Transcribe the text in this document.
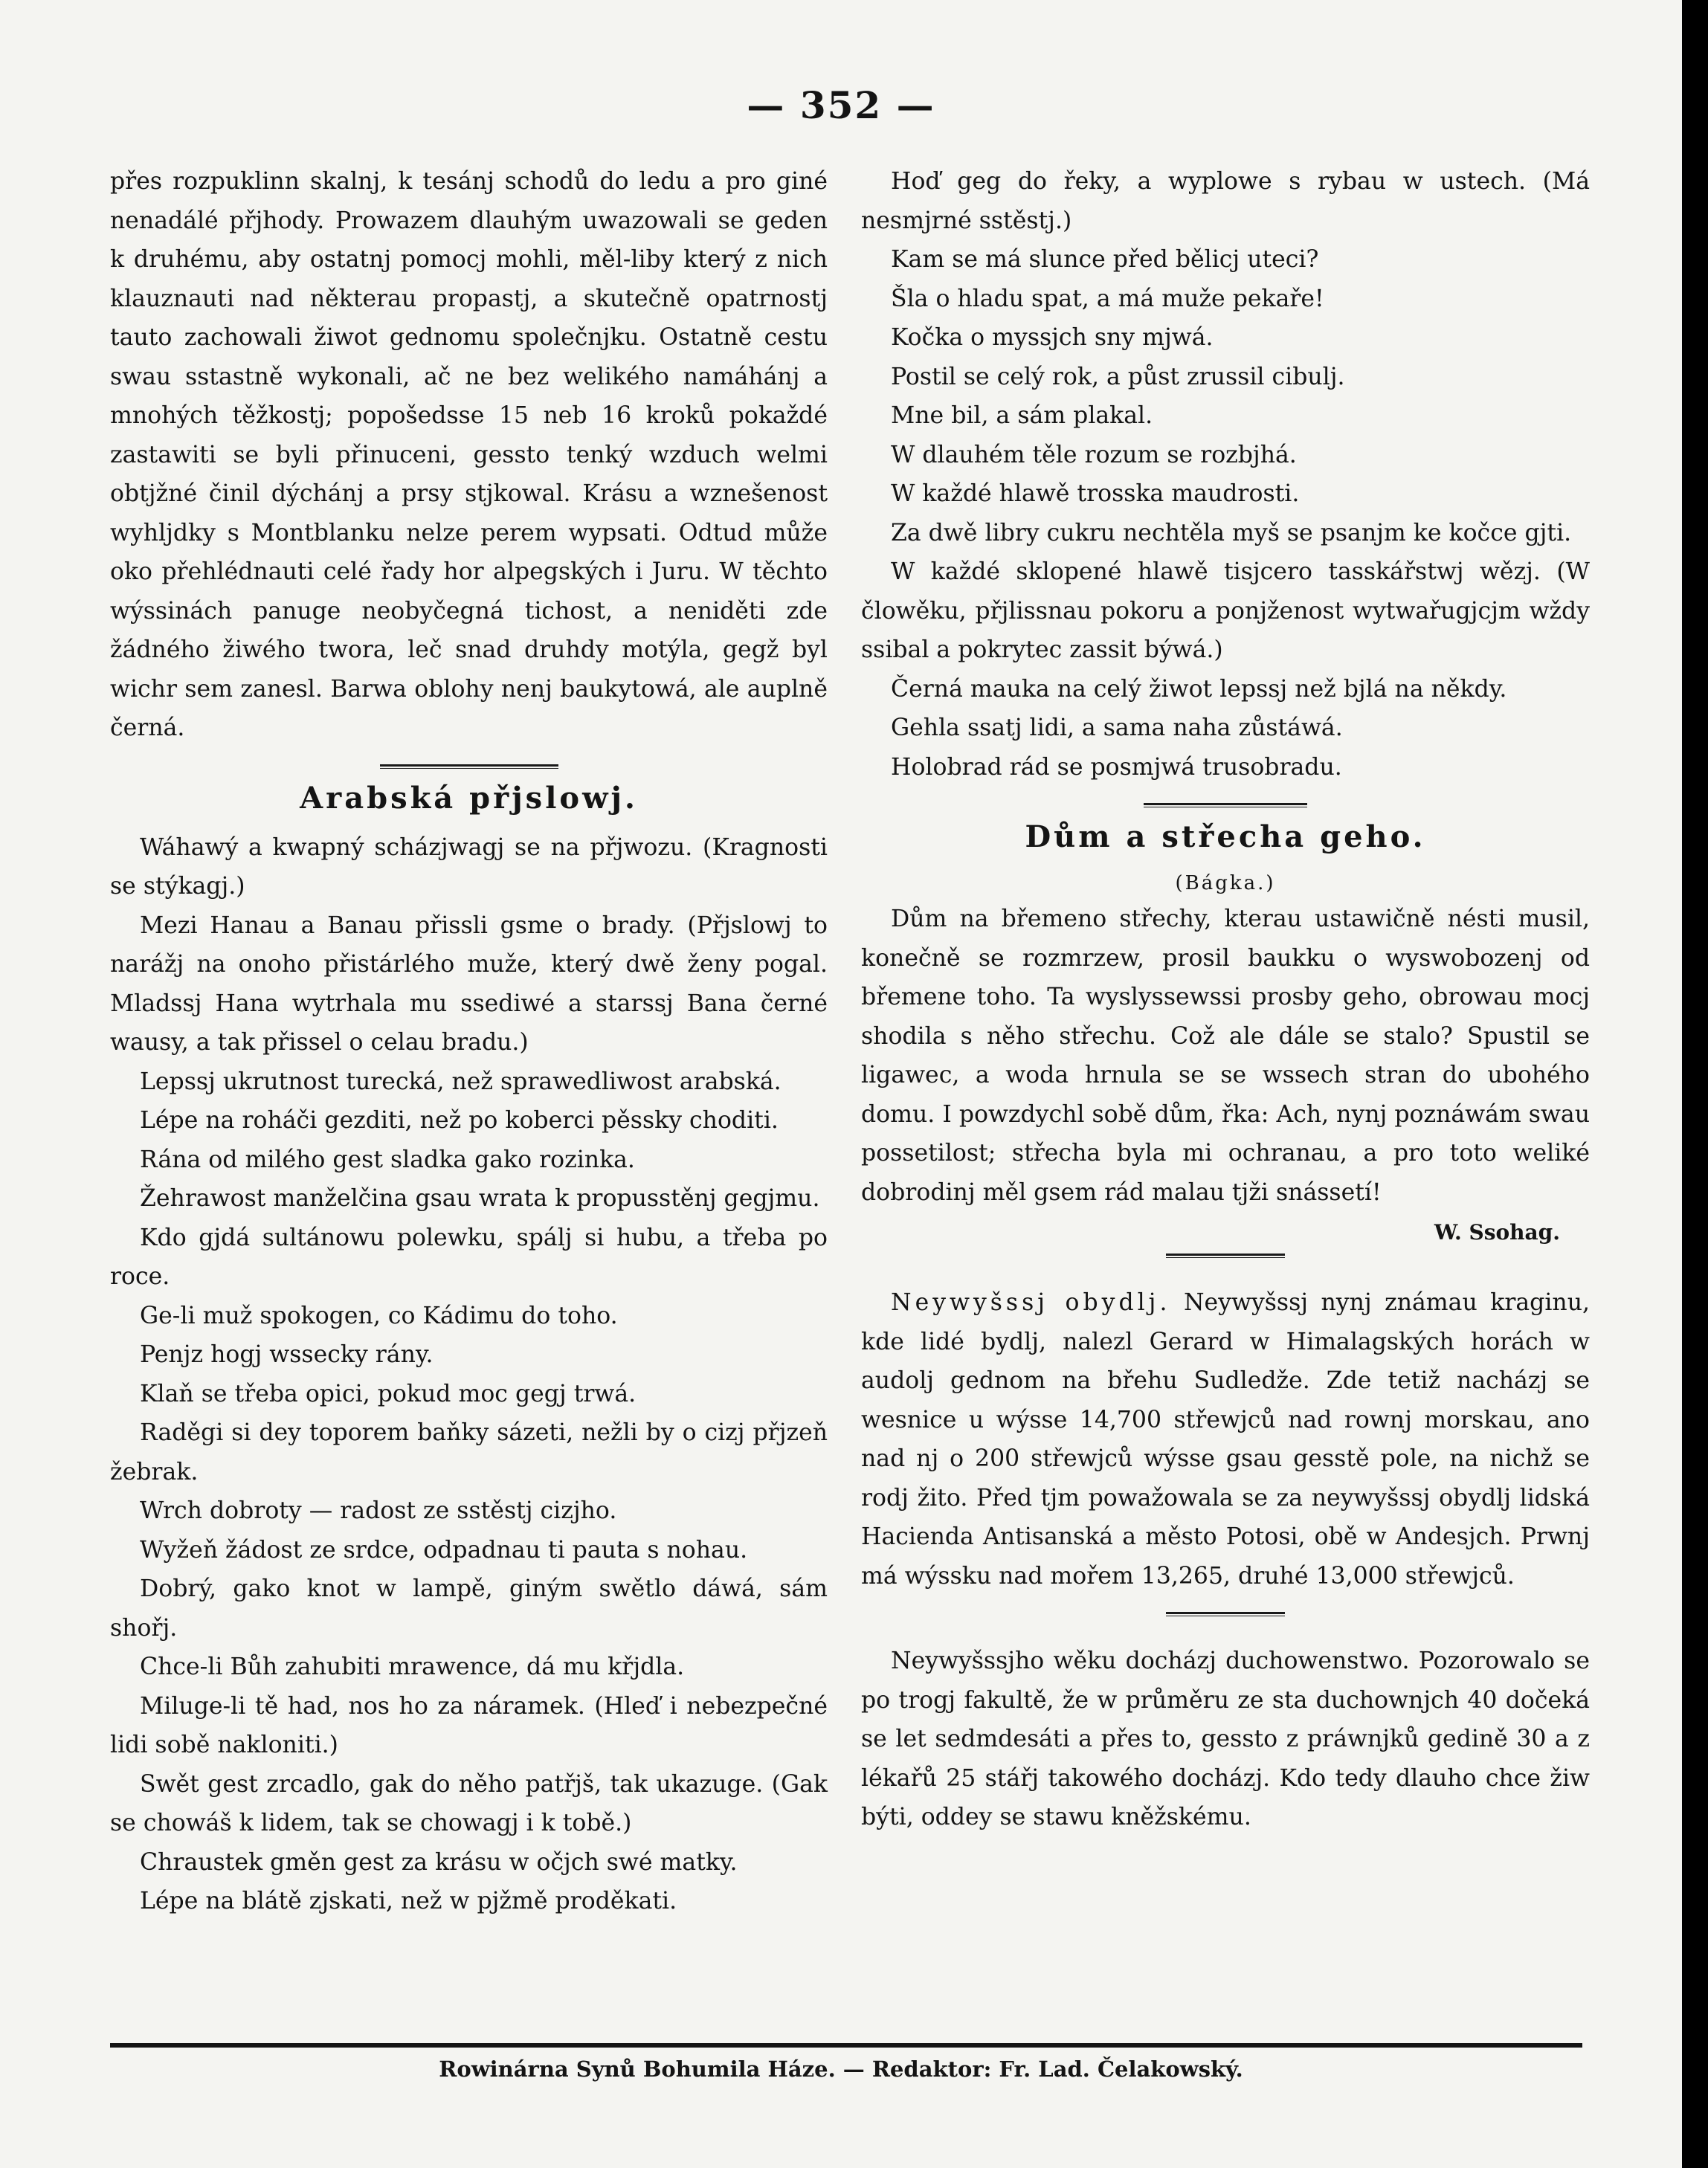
— 352 —

přes rozpuklinn skalnj, k tesánj schodů do ledu a pro giné nenadálé přjhody. Prowazem dlauhým uwazowali se geden k druhému, aby ostatnj pomocj mohli, měl-liby který z nich klauznauti nad některau propastj, a skutečně opatrnostj tauto zachowali žiwot gednomu společnjku. Ostatně cestu swau sstastně wykonali, ač ne bez welikého namáhánj a mnohých těžkostj; popošedsse 15 neb 16 kroků pokaždé zastawiti se byli přinuceni, gessto tenký wzduch welmi obtjžné činil dýchánj a prsy stjkowal. Krásu a wznešenost wyhljdky s Montblanku nelze perem wypsati. Odtud může oko přehlédnauti celé řady hor alpegských i Juru. W těchto wýssinách panuge neobyčegná tichost, a neniděti zde žádného žiwého twora, leč snad druhdy motýla, gegž byl wichr sem zanesl. Barwa oblohy nenj baukytowá, ale auplně černá.

Arabská přjslowj.

Wáhawý a kwapný scházjwagj se na přjwozu. (Kragnosti se stýkagj.)

Mezi Hanau a Banau přissli gsme o brady. (Přjslowj to narážj na onoho přistárlého muže, který dwě ženy pogal. Mladssj Hana wytrhala mu ssediwé a starssj Bana černé wausy, a tak přissel o celau bradu.)

Lepssj ukrutnost turecká, než sprawedliwost arabská.

Lépe na roháči gezditi, než po koberci pěssky choditi.

Rána od milého gest sladka gako rozinka.

Žehrawost manželčina gsau wrata k propusstěnj gegjmu.

Kdo gjdá sultánowu polewku, spálj si hubu, a třeba po roce.

Ge-li muž spokogen, co Kádimu do toho.

Penjz hogj wssecky rány.

Klaň se třeba opici, pokud moc gegj trwá.

Raděgi si dey toporem baňky sázeti, nežli by o cizj přjzeň žebrak.

Wrch dobroty — radost ze sstěstj cizjho.

Wyžeň žádost ze srdce, odpadnau ti pauta s nohau.

Dobrý, gako knot w lampě, giným swětlo dáwá, sám shořj.

Chce-li Bůh zahubiti mrawence, dá mu křjdla.

Miluge-li tě had, nos ho za náramek. (Hleď i nebezpečné lidi sobě nakloniti.)

Swět gest zrcadlo, gak do něho patřjš, tak ukazuge. (Gak se chowáš k lidem, tak se chowagj i k tobě.)

Chraustek gměn gest za krásu w očjch swé matky.

Lépe na blátě zjskati, než w pjžmě proděkati.

Hoď geg do řeky, a wyplowe s rybau w ustech. (Má nesmjrné sstěstj.)

Kam se má slunce před bělicj uteci?

Šla o hladu spat, a má muže pekaře!

Kočka o myssjch sny mjwá.

Postil se celý rok, a půst zrussil cibulj.

Mne bil, a sám plakal.

W dlauhém těle rozum se rozbjhá.

W každé hlawě trosska maudrosti.

Za dwě libry cukru nechtěla myš se psanjm ke kočce gjti.

W každé sklopené hlawě tisjcero tasskářstwj wězj. (W člowěku, přjlissnau pokoru a ponjženost wytwařugjcjm wždy ssibal a pokrytec zassit býwá.)

Černá mauka na celý žiwot lepssj než bjlá na někdy.

Gehla ssatj lidi, a sama naha zůstáwá.

Holobrad rád se posmjwá trusobradu.

Dům a střecha geho.
(Bágka.)

Dům na břemeno střechy, kterau ustawičně nésti musil, konečně se rozmrzew, prosil baukku o wyswobozenj od břemene toho. Ta wyslyssewssi prosby geho, obrowau mocj shodila s něho střechu. Což ale dále se stalo? Spustil se ligawec, a woda hrnula se se wssech stran do ubohého domu. I powzdychl sobě dům, řka: Ach, nynj poznáwám swau possetilost; střecha byla mi ochranau, a pro toto weliké dobrodinj měl gsem rád malau tjži snássetí!

W. Ssohag.

Neywyšssj obydlj. Neywyšssj nynj známau kraginu, kde lidé bydlj, nalezl Gerard w Himalagských horách w audolj gednom na břehu Sudledže. Zde tetiž nacházj se wesnice u wýsse 14,700 střewjců nad rownj morskau, ano nad nj o 200 střewjců wýsse gsau gesstě pole, na nichž se rodj žito. Před tjm powažowala se za neywyšssj obydlj lidská Hacienda Antisanská a město Potosi, obě w Andesjch. Prwnj má wýssku nad mořem 13,265, druhé 13,000 střewjců.

Neywyšssjho wěku docházj duchowenstwo. Pozorowalo se po trogj fakultě, že w průměru ze sta duchownjch 40 dočeká se let sedmdesáti a přes to, gessto z práwnjků gedině 30 a z lékařů 25 stářj takowého docházj. Kdo tedy dlauho chce žiw býti, oddey se stawu kněžskému.

Rowinárna Synů Bohumila Háze. — Redaktor: Fr. Lad. Čelakowský.
